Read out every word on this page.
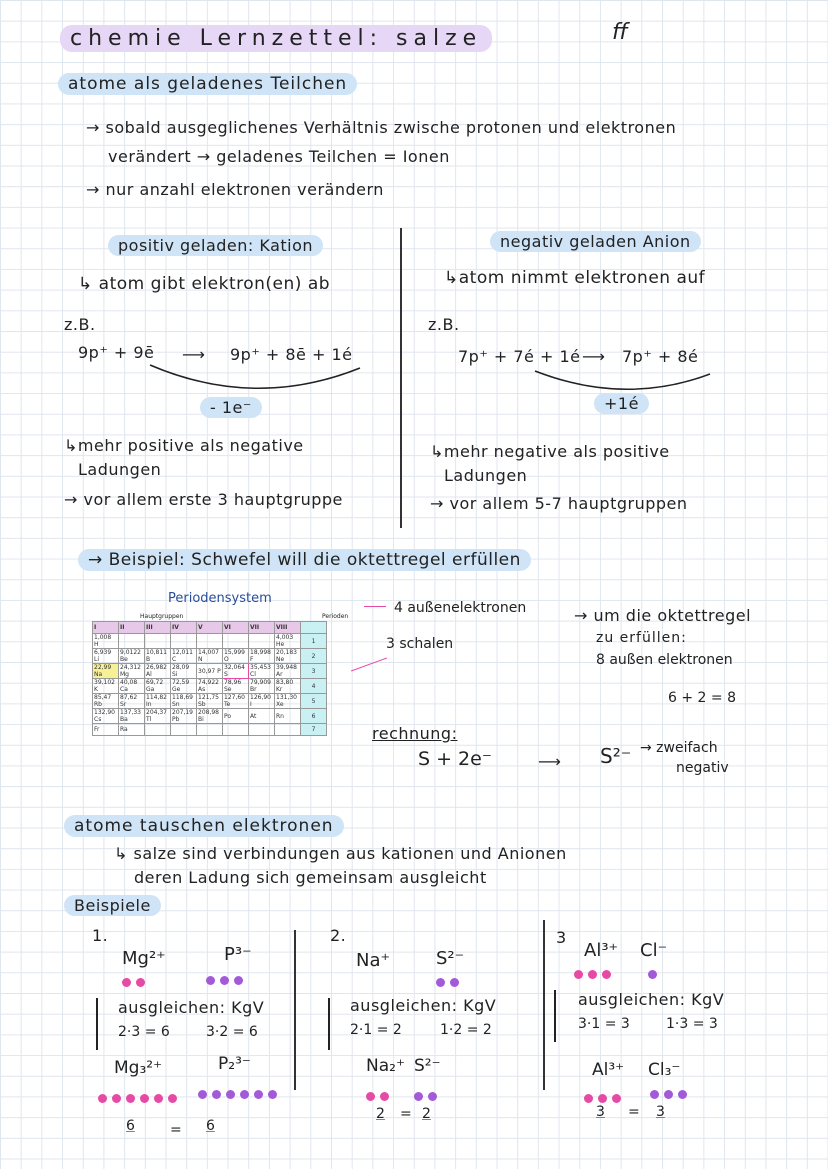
chemie Lernzettel: salze	ff
atome als geladenes Teilchen
→ sobald ausgeglichenes Verhältnis zwische protonen und elektronen
verändert → geladenes Teilchen = Ionen
→ nur anzahl elektronen verändern
positiv geladen: Kation
↳ atom gibt elektron(en) ab
z.B.
9p⁺ + 9ē ⟶ 9p⁺ + 8ē + 1é
- 1e⁻
↳mehr positive als negative
Ladungen
→ vor allem erste 3 hauptgruppe
negativ geladen Anion
↳atom nimmt elektronen auf
z.B.
7p⁺ + 7é + 1é ⟶ 7p⁺ + 8é
+1é
↳mehr negative als positive
Ladungen
→ vor allem 5-7 hauptgruppen
→ Beispiel: Schwefel will die oktettregel erfüllen
Periodensystem
Hauptgruppen	Perioden
I	II	III	IV	V	VI	VII	VIII	
1,008 H							4,003 He	1
6,939 Li	9,0122 Be	10,811 B	12,011 C	14,007 N	15,999 O	18,998 F	20,183 Ne	2
22,99 Na	24,312 Mg	26,982 Al	28,09 Si	30,97 P	32,064 S	35,453 Cl	39,948 Ar	3
39,102 K	40,08 Ca	69,72 Ga	72,59 Ge	74,922 As	78,96 Se	79,909 Br	83,80 Kr	4
85,47 Rb	87,62 Sr	114,82 In	118,69 Sn	121,75 Sb	127,60 Te	126,90 I	131,30 Xe	5
132,90 Cs	137,33 Ba	204,37 Tl	207,19 Pb	208,98 Bi	Po	At	Rn	6
Fr	Ra							7
4 außenelektronen
3 schalen
→ um die oktettregel
zu erfüllen:
8 außen elektronen
6 + 2 = 8
rechnung:
S + 2e⁻	⟶ S²⁻ → zweifach
negativ
atome tauschen elektronen
↳ salze sind verbindungen aus kationen und Anionen
deren Ladung sich gemeinsam ausgleicht
Beispiele
1.
Mg²⁺	P³⁻
ausgleichen: KgV
2·3 = 6	3·2 = 6
Mg₃²⁺	P₂³⁻
6	= 6
2.
Na⁺	S²⁻
ausgleichen: KgV
2·1 = 2	1·2 = 2
Na₂⁺ S²⁻
2 = 2
3
Al³⁺ Cl⁻
ausgleichen: KgV
3·1 = 3	1·3 = 3
Al³⁺ Cl₃⁻
3 = 3
